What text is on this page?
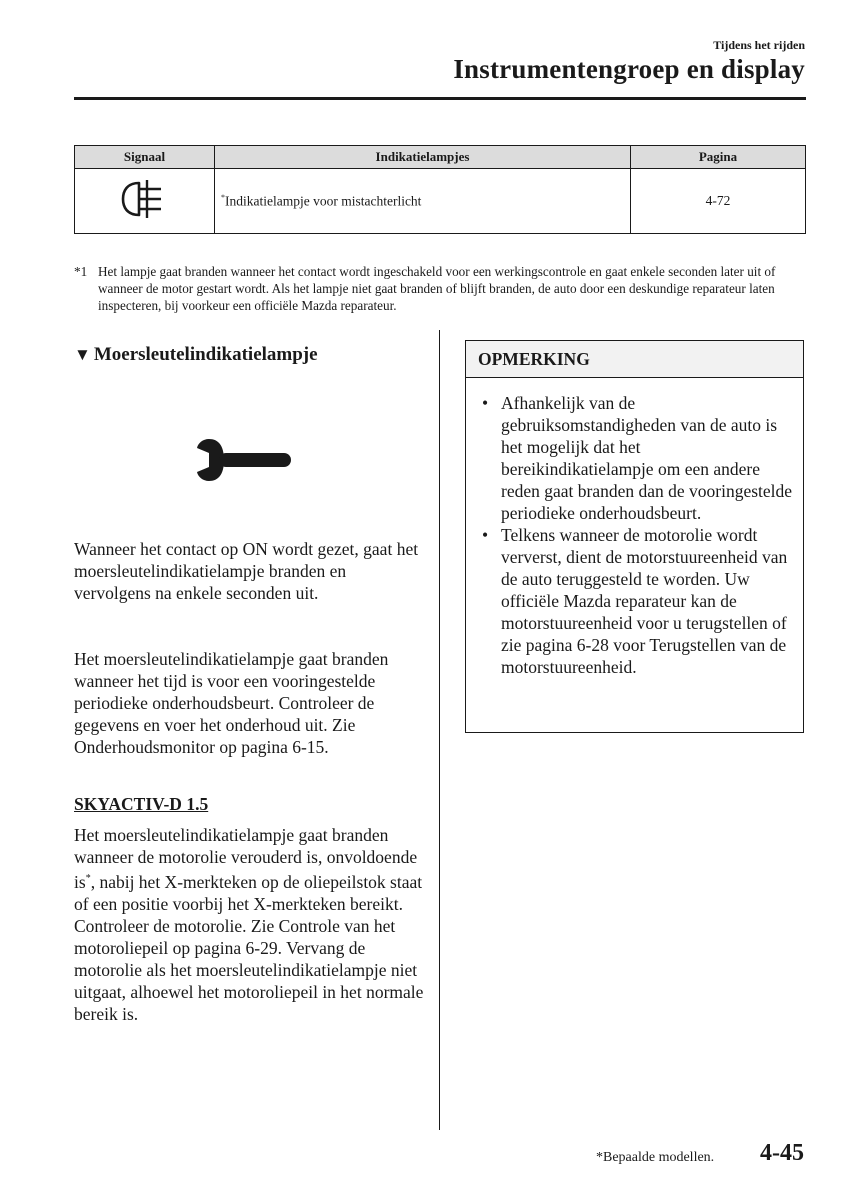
Tijdens het rijden
Instrumentengroep en display
Signaal	Indikatielampjes	Pagina
	*Indikatielampje voor mistachterlicht	4-72
*1 Het lampje gaat branden wanneer het contact wordt ingeschakeld voor een werkingscontrole en gaat enkele seconden later uit of wanneer de motor gestart wordt. Als het lampje niet gaat branden of blijft branden, de auto door een deskundige reparateur laten inspecteren, bij voorkeur een officiële Mazda reparateur.
▼ Moersleutelindikatielampje
Wanneer het contact op ON wordt gezet, gaat het moersleutelindikatielampje branden en vervolgens na enkele seconden uit.
Het moersleutelindikatielampje gaat branden wanneer het tijd is voor een vooringestelde periodieke onderhoudsbeurt. Controleer de gegevens en voer het onderhoud uit. Zie Onderhoudsmonitor op pagina 6-15.
SKYACTIV-D 1.5
Het moersleutelindikatielampje gaat branden wanneer de motorolie verouderd is, onvoldoende is*, nabij het X-merkteken op de oliepeilstok staat of een positie voorbij het X-merkteken bereikt. Controleer de motorolie. Zie Controle van het motoroliepeil op pagina 6-29. Vervang de motorolie als het moersleutelindikatielampje niet uitgaat, alhoewel het motoroliepeil in het normale bereik is.
OPMERKING
• Afhankelijk van de gebruiksomstandigheden van de auto is het mogelijk dat het bereikindikatielampje om een andere reden gaat branden dan de vooringestelde periodieke onderhoudsbeurt.
• Telkens wanneer de motorolie wordt ververst, dient de motorstuureenheid van de auto teruggesteld te worden. Uw officiële Mazda reparateur kan de motorstuureenheid voor u terugstellen of zie pagina 6-28 voor Terugstellen van de motorstuureenheid.
*Bepaalde modellen. 4-45
